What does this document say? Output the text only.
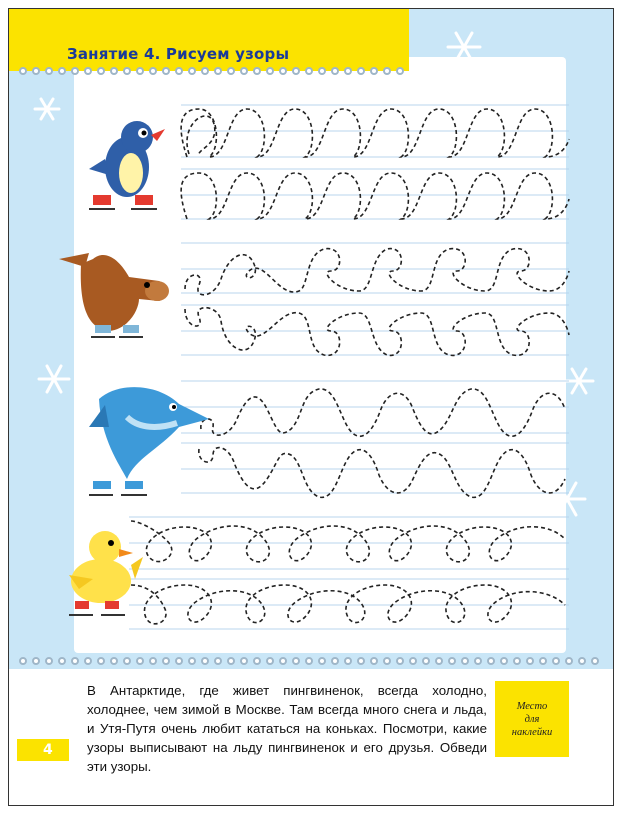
Занятие 4. Рисуем узоры
В Антарктиде, где живет пингвиненок, всегда холодно, холоднее, чем зимой в Москве. Там всегда много снега и льда, и Утя-Путя очень любит кататься на коньках. Посмотри, какие узоры выписывают на льду пингвиненок и его друзья. Обведи эти узоры.
Место
для
наклейки
4
